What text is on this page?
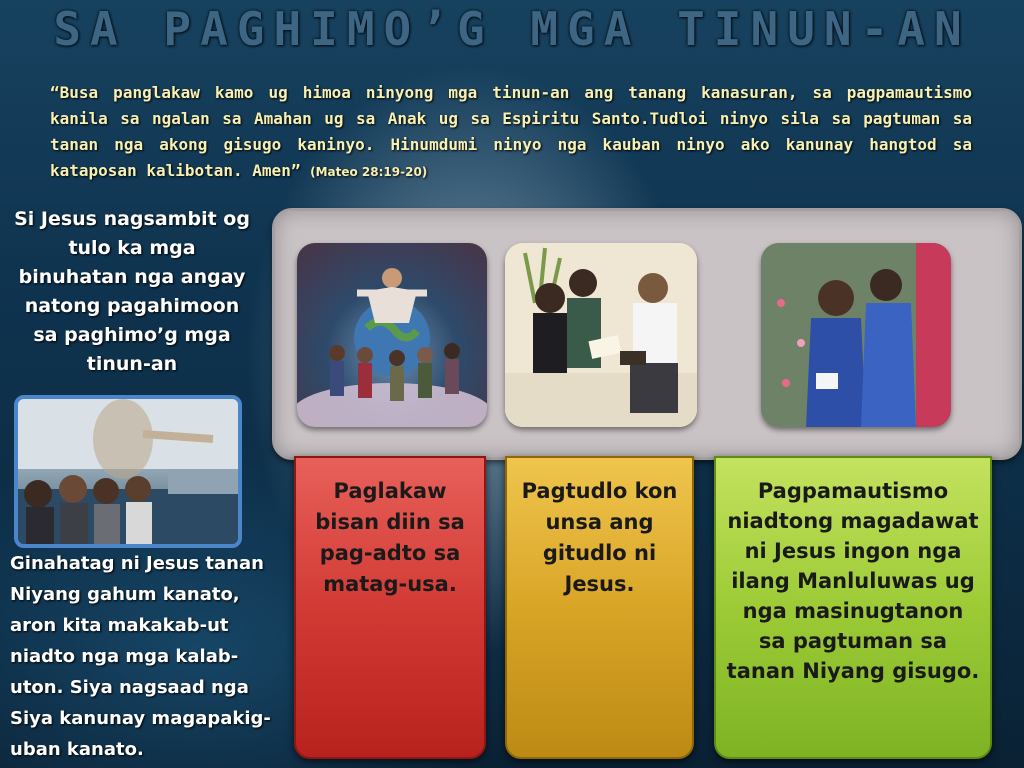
SA PAGHIMO’G MGA TINUN-AN
“Busa panglakaw kamo ug himoa ninyong mga tinun-an ang tanang kanasuran, sa pagpamautismo kanila sa ngalan sa Amahan ug sa Anak ug sa Espiritu Santo.Tudloi ninyo sila sa pagtuman sa tanan nga akong gisugo kaninyo. Hinumdumi ninyo nga kauban ninyo ako kanunay hangtod sa kataposan kalibotan. Amen” (Mateo 28:19-20)
Si Jesus nagsambit og tulo ka mga binuhatan nga angay natong pagahimoon sa paghimo’g mga tinun-an
Ginahatag ni Jesus tanan Niyang gahum kanato, aron kita makakab-ut niadto nga mga kalab-uton. Siya nagsaad nga Siya kanunay magapakig-uban kanato.
Paglakaw bisan diin sa pag-adto sa matag-usa.
Pagtudlo kon unsa ang gitudlo ni Jesus.
Pagpamautismo niadtong magadawat ni Jesus ingon nga ilang Manluluwas ug nga masinugtanon sa pagtuman sa tanan Niyang gisugo.
